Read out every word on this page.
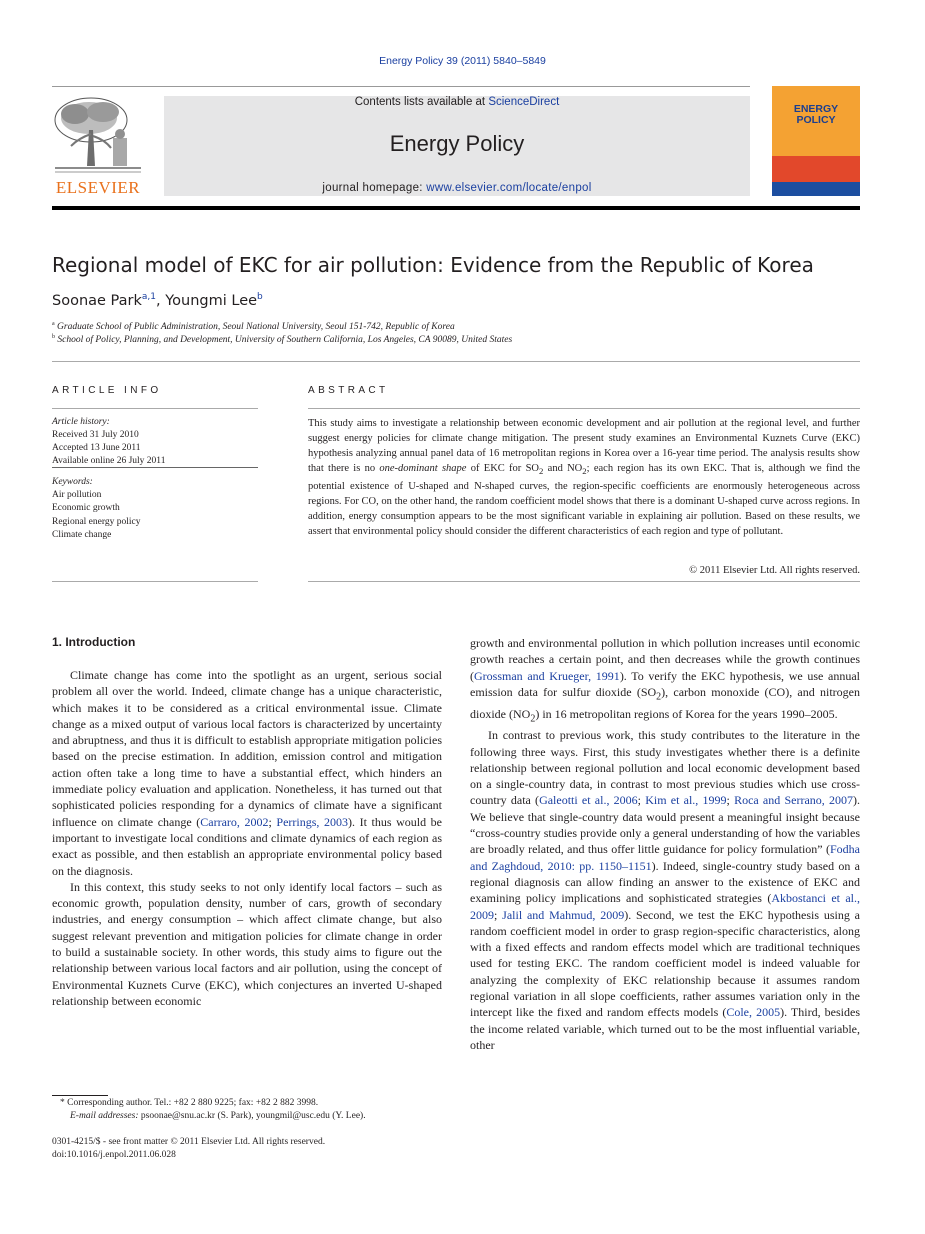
Energy Policy 39 (2011) 5840–5849
ELSEVIER
Contents lists available at ScienceDirect
Energy Policy
journal homepage: www.elsevier.com/locate/enpol
ENERGY
POLICY
Regional model of EKC for air pollution: Evidence from the Republic of Korea
Soonae Park$^{a,1}$, Youngmi Lee$^b$
$^a$ Graduate School of Public Administration, Seoul National University, Seoul 151-742, Republic of Korea
$^b$ School of Policy, Planning, and Development, University of Southern California, Los Angeles, CA 90089, United States
ARTICLE INFO	ABSTRACT
Article history:
Received 31 July 2010
Accepted 13 June 2011
Available online 26 July 2011
Keywords:
Air pollution
Economic growth
Regional energy policy
Climate change
This study aims to investigate a relationship between economic development and air pollution at the regional level, and further suggest energy policies for climate change mitigation. The present study examines an Environmental Kuznets Curve (EKC) hypothesis analyzing annual panel data of 16 metropolitan regions in Korea over a 16-year time period. The analysis results show that there is no one-dominant shape of EKC for $SO_2$ and $NO_2$; each region has its own EKC. That is, although we find the potential existence of U-shaped and N-shaped curves, the region-specific coefficients are enormously heterogeneous across regions. For CO, on the other hand, the random coefficient model shows that there is a dominant U-shaped curve across regions. In addition, energy consumption appears to be the most significant variable in explaining air pollution. Based on these results, we assert that environmental policy should consider the different characteristics of each region and type of pollutant.
© 2011 Elsevier Ltd. All rights reserved.
1. Introduction

Climate change has come into the spotlight as an urgent, serious social problem all over the world. Indeed, climate change has a unique characteristic, which makes it to be considered as a critical environmental issue. Climate change as a mixed output of various local factors is characterized by uncertainty and abruptness, and thus it is difficult to establish appropriate mitigation policies based on the precise estimation. In addition, emission control and mitigation action often take a long time to have a substantial effect, which hinders an immediate policy evaluation and application. Nonetheless, it has turned out that sophisticated policies responding for a dynamics of climate have a significant influence on climate change (Carraro, 2002; Perrings, 2003). It thus would be important to investigate local conditions and climate dynamics of each region as exact as possible, and then establish an appropriate environmental policy based on the diagnosis.

In this context, this study seeks to not only identify local factors – such as economic growth, population density, number of cars, growth of secondary industries, and energy consumption – which affect climate change, but also suggest relevant prevention and mitigation policies for climate change in order to build a sustainable society. In other words, this study aims to figure out the relationship between various local factors and air pollution, using the concept of Environmental Kuznets Curve (EKC), which conjectures an inverted U-shaped relationship between economic

growth and environmental pollution in which pollution increases until economic growth reaches a certain point, and then decreases while the growth continues (Grossman and Krueger, 1991). To verify the EKC hypothesis, we use annual emission data for sulfur dioxide $(SO_2)$, carbon monoxide (CO), and nitrogen dioxide $(NO_2)$ in 16 metropolitan regions of Korea for the years 1990–2005.

In contrast to previous work, this study contributes to the literature in the following three ways. First, this study investigates whether there is a definite relationship between regional pollution and local economic development based on a single-country data, in contrast to most previous studies which use cross-country data (Galeotti et al., 2006; Kim et al., 1999; Roca and Serrano, 2007). We believe that single-country data would present a meaningful insight because “cross-country studies provide only a general understanding of how the variables are broadly related, and thus offer little guidance for policy formulation” (Fodha and Zaghdoud, 2010: pp. 1150–1151). Indeed, single-country study based on a regional diagnosis can allow finding an answer to the existence of EKC and examining policy implications and sophisticated strategies (Akbostanci et al., 2009; Jalil and Mahmud, 2009). Second, we test the EKC hypothesis using a random coefficient model in order to grasp region-specific characteristics, along with a fixed effects and random effects model which are traditional techniques used for testing EKC. The random coefficient model is indeed valuable for analyzing the complexity of EKC relationship because it assumes random regional variation in all slope coefficients, rather assumes variation only in the intercept like the fixed and random effects models (Cole, 2005). Third, besides the income related variable, which turned out to be the most influential variable, other

* Corresponding author. Tel.: +82 2 880 9225; fax: +82 2 882 3998.
E-mail addresses: psoonae@snu.ac.kr (S. Park), youngmil@usc.edu (Y. Lee).
0301-4215/$ - see front matter © 2011 Elsevier Ltd. All rights reserved.
doi:10.1016/j.enpol.2011.06.028
